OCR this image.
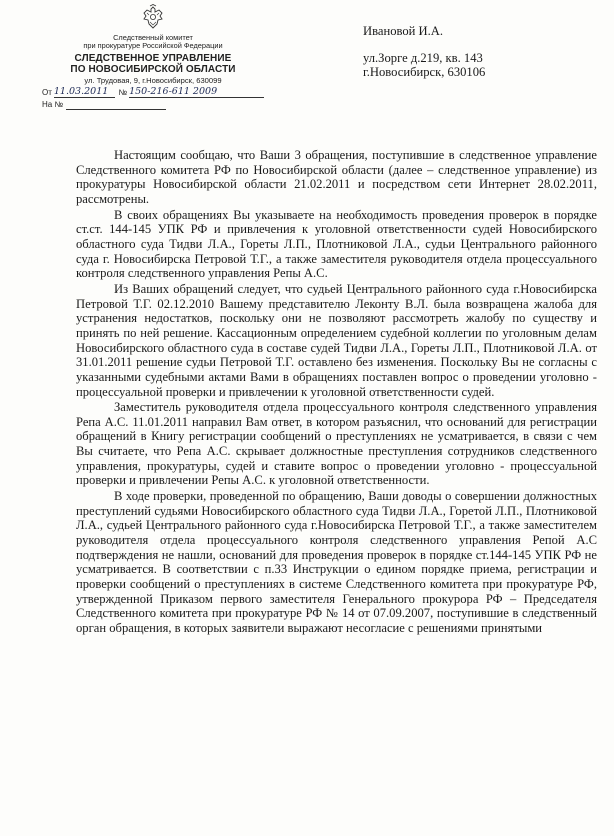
Следственный комитет
при прокуратуре Российской Федерации
СЛЕДСТВЕННОЕ УПРАВЛЕНИЕ
ПО НОВОСИБИРСКОЙ ОБЛАСТИ
ул. Трудовая, 9, г.Новосибирск, 630099
От 11.03.2011	№ 150-216-611 2009
На №
Ивановой И.А.
ул.Зорге д.219, кв. 143
г.Новосибирск, 630106

Настоящим сообщаю, что Ваши 3 обращения, поступившие в следственное управление Следственного комитета РФ по Новосибирской области (далее – следственное управление) из прокуратуры Новосибирской области 21.02.2011 и посредством сети Интернет 28.02.2011, рассмотрены.

В своих обращениях Вы указываете на необходимость проведения проверок в порядке ст.ст. 144-145 УПК РФ и привлечения к уголовной ответственности судей Новосибирского областного суда Тидви Л.А., Гореты Л.П., Плотниковой Л.А., судьи Центрального районного суда г. Новосибирска Петровой Т.Г., а также заместителя руководителя отдела процессуального контроля следственного управления Репы А.С.

Из Ваших обращений следует, что судьей Центрального районного суда г.Новосибирска Петровой Т.Г. 02.12.2010 Вашему представителю Леконту В.Л. была возвращена жалоба для устранения недостатков, поскольку они не позволяют рассмотреть жалобу по существу и принять по ней решение. Кассационным определением судебной коллегии по уголовным делам Новосибирского областного суда в составе судей Тидви Л.А., Гореты Л.П., Плотниковой Л.А. от 31.01.2011 решение судьи Петровой Т.Г. оставлено без изменения. Поскольку Вы не согласны с указанными судебными актами Вами в обращениях поставлен вопрос о проведении уголовно - процессуальной проверки и привлечении к уголовной ответственности судей.

Заместитель руководителя отдела процессуального контроля следственного управления Репа А.С. 11.01.2011 направил Вам ответ, в котором разъяснил, что оснований для регистрации обращений в Книгу регистрации сообщений о преступлениях не усматривается, в связи с чем Вы считаете, что Репа А.С. скрывает должностные преступления сотрудников следственного управления, прокуратуры, судей и ставите вопрос о проведении уголовно - процессуальной проверки и привлечении Репы А.С. к уголовной ответственности.

В ходе проверки, проведенной по обращению, Ваши доводы о совершении должностных преступлений судьями Новосибирского областного суда Тидви Л.А., Горетой Л.П., Плотниковой Л.А., судьей Центрального районного суда г.Новосибирска Петровой Т.Г., а также заместителем руководителя отдела процессуального контроля следственного управления Репой А.С подтверждения не нашли, оснований для проведения проверок в порядке ст.144-145 УПК РФ не усматривается. В соответствии с п.33 Инструкции о едином порядке приема, регистрации и проверки сообщений о преступлениях в системе Следственного комитета при прокуратуре РФ, утвержденной Приказом первого заместителя Генерального прокурора РФ – Председателя Следственного комитета при прокуратуре РФ № 14 от 07.09.2007, поступившие в следственный орган обращения, в которых заявители выражают несогласие с решениями принятыми
